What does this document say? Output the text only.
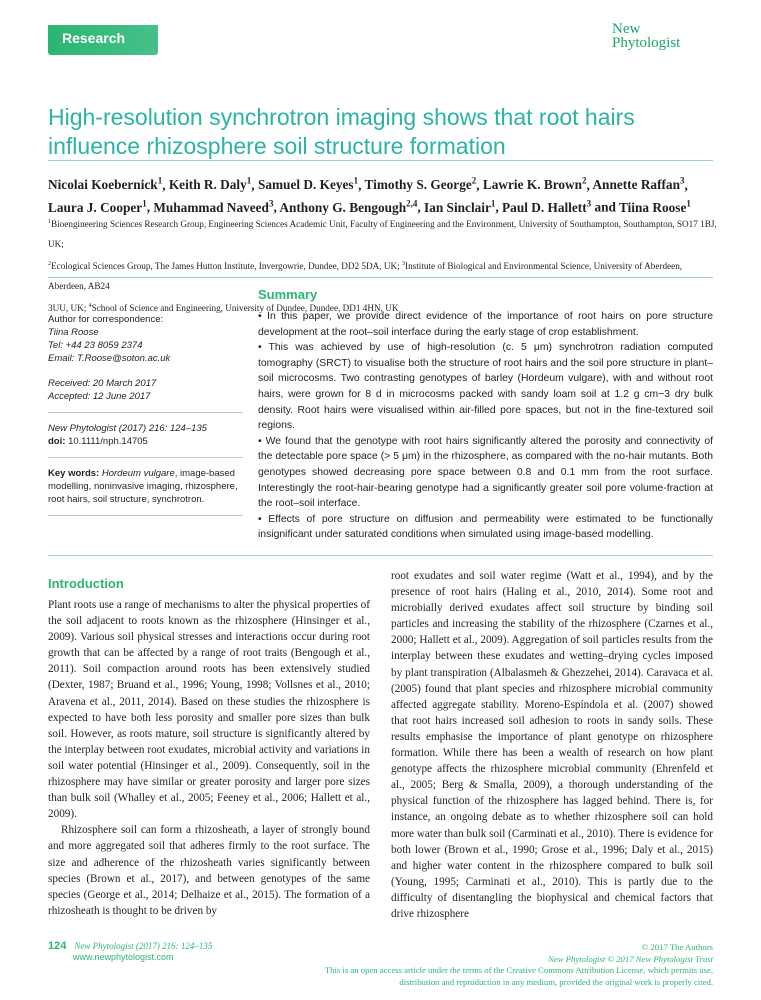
Research
New
Phytologist
High-resolution synchrotron imaging shows that root hairs influence rhizosphere soil structure formation
Nicolai Koebernick$^1$, Keith R. Daly$^1$, Samuel D. Keyes$^1$, Timothy S. George$^2$, Lawrie K. Brown$^2$, Annette Raffan$^3$, Laura J. Cooper$^1$, Muhammad Naveed$^3$, Anthony G. Bengough$^{2,4}$, Ian Sinclair$^1$, Paul D. Hallett$^3$ and Tiina Roose$^1$
$^1$Bioengineering Sciences Research Group, Engineering Sciences Academic Unit, Faculty of Engineering and the Environment, University of Southampton, Southampton, SO17 1BJ, UK;
$^2$Ecological Sciences Group, The James Hutton Institute, Invergowrie, Dundee, DD2 5DA, UK; $^3$Institute of Biological and Environmental Science, University of Aberdeen, Aberdeen, AB24
3UU, UK; $^4$School of Science and Engineering, University of Dundee, Dundee, DD1 4HN, UK
Author for correspondence:
Tiina Roose
Tel: +44 23 8059 2374
Email: T.Roose@soton.ac.uk
Received: 20 March 2017
Accepted: 12 June 2017
New Phytologist (2017) 216: 124–135
doi: 10.1111/nph.14705
Key words: Hordeum vulgare, image-based modelling, noninvasive imaging, rhizosphere, root hairs, soil structure, synchrotron.
Summary

• In this paper, we provide direct evidence of the importance of root hairs on pore structure development at the root–soil interface during the early stage of crop establishment.

• This was achieved by use of high-resolution (c. 5 μm) synchrotron radiation computed tomography (SRCT) to visualise both the structure of root hairs and the soil pore structure in plant–soil microcosms. Two contrasting genotypes of barley (Hordeum vulgare), with and without root hairs, were grown for 8 d in microcosms packed with sandy loam soil at 1.2 g cm−3 dry bulk density. Root hairs were visualised within air-filled pore spaces, but not in the fine-textured soil regions.

• We found that the genotype with root hairs significantly altered the porosity and connectivity of the detectable pore space (> 5 μm) in the rhizosphere, as compared with the no-hair mutants. Both genotypes showed decreasing pore space between 0.8 and 0.1 mm from the root surface. Interestingly the root-hair-bearing genotype had a significantly greater soil pore volume-fraction at the root–soil interface.

• Effects of pore structure on diffusion and permeability were estimated to be functionally insignificant under saturated conditions when simulated using image-based modelling.

Introduction

Plant roots use a range of mechanisms to alter the physical properties of the soil adjacent to roots known as the rhizosphere (Hinsinger et al., 2009). Various soil physical stresses and interactions occur during root growth that can be affected by a range of root traits (Bengough et al., 2011). Soil compaction around roots has been extensively studied (Dexter, 1987; Bruand et al., 1996; Young, 1998; Vollsnes et al., 2010; Aravena et al., 2011, 2014). Based on these studies the rhizosphere is expected to have both less porosity and smaller pore sizes than bulk soil. However, as roots mature, soil structure is significantly altered by the interplay between root exudates, microbial activity and variations in soil water potential (Hinsinger et al., 2009). Consequently, soil in the rhizosphere may have similar or greater porosity and larger pore sizes than bulk soil (Whalley et al., 2005; Feeney et al., 2006; Hallett et al., 2009).

Rhizosphere soil can form a rhizosheath, a layer of strongly bound and more aggregated soil that adheres firmly to the root surface. The size and adherence of the rhizosheath varies significantly between species (Brown et al., 2017), and between genotypes of the same species (George et al., 2014; Delhaize et al., 2015). The formation of a rhizosheath is thought to be driven by

root exudates and soil water regime (Watt et al., 1994), and by the presence of root hairs (Haling et al., 2010, 2014). Some root and microbially derived exudates affect soil structure by binding soil particles and increasing the stability of the rhizosphere (Czarnes et al., 2000; Hallett et al., 2009). Aggregation of soil particles results from the interplay between these exudates and wetting–drying cycles imposed by plant transpiration (Albalasmeh & Ghezzehei, 2014). Caravaca et al. (2005) found that plant species and rhizosphere microbial community affected aggregate stability. Moreno-Espíndola et al. (2007) showed that root hairs increased soil adhesion to roots in sandy soils. These results emphasise the importance of plant genotype on rhizosphere formation. While there has been a wealth of research on how plant genotype affects the rhizosphere microbial community (Ehrenfeld et al., 2005; Berg & Smalla, 2009), a thorough understanding of the physical function of the rhizosphere has lagged behind. There is, for instance, an ongoing debate as to whether rhizosphere soil can hold more water than bulk soil (Carminati et al., 2010). There is evidence for both lower (Brown et al., 1990; Grose et al., 1996; Daly et al., 2015) and higher water content in the rhizosphere compared to bulk soil (Young, 1995; Carminati et al., 2010). This is partly due to the difficulty of disentangling the biophysical and chemical factors that drive rhizosphere

124 New Phytologist (2017) 216: 124–135
www.newphytologist.com
© 2017 The Authors
New Phytologist © 2017 New Phytologist Trust
This is an open access article under the terms of the Creative Commons Attribution License, which permits use,
distribution and reproduction in any medium, provided the original work is properly cited.
